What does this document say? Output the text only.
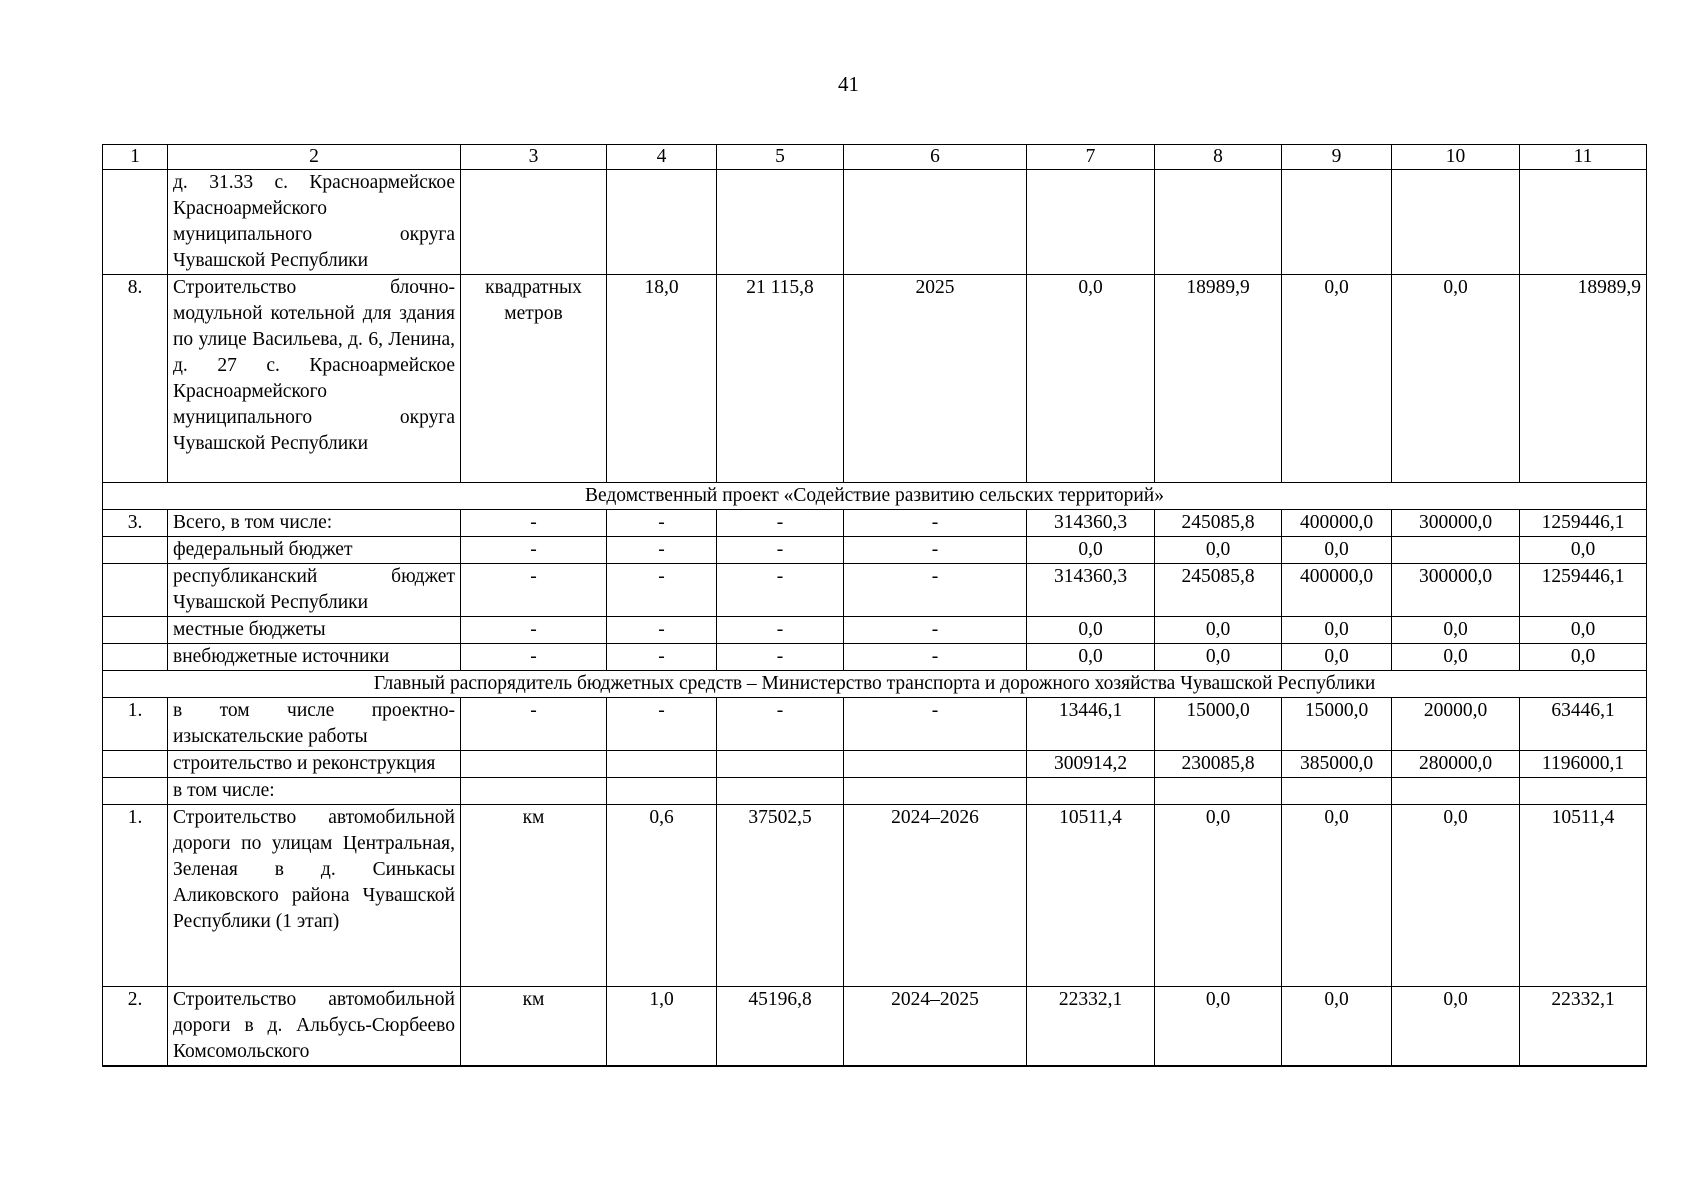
41
1	2	3	4	5	6	7	8	9	10	11
	д. 31.33 с. Красноармейское Красноармейского муниципального округа Чувашской Республики									
8.	Строительство блочно- модульной котельной для здания по улице Васильева, д. 6, Ленина, д. 27 с. Красноармейское Красноармейского муниципального округа Чувашской Республики	квадратных метров	18,0	21 115,8	2025	0,0	18989,9	0,0	0,0	18989,9
Ведомственный проект «Содействие развитию сельских территорий»										
3.	Всего, в том числе:	-	-	-	-	314360,3	245085,8	400000,0	300000,0	1259446,1
	федеральный бюджет	-	-	-	-	0,0	0,0	0,0		0,0
	республиканский бюджет Чувашской Республики	-	-	-	-	314360,3	245085,8	400000,0	300000,0	1259446,1
	местные бюджеты	-	-	-	-	0,0	0,0	0,0	0,0	0,0
	внебюджетные источники	-	-	-	-	0,0	0,0	0,0	0,0	0,0
Главный распорядитель бюджетных средств – Министерство транспорта и дорожного хозяйства Чувашской Республики										
1.	в том числе проектно-изыскательские работы	-	-	-	-	13446,1	15000,0	15000,0	20000,0	63446,1
	строительство и реконструкция					300914,2	230085,8	385000,0	280000,0	1196000,1
	в том числе:									
1.	Строительство автомобильной дороги по улицам Центральная, Зеленая в д. Синькасы Аликовского района Чувашской Республики (1 этап)	км	0,6	37502,5	2024–2026	10511,4	0,0	0,0	0,0	10511,4
2.	Строительство автомобильной дороги в д. Альбусь-Сюрбеево Комсомольского	км	1,0	45196,8	2024–2025	22332,1	0,0	0,0	0,0	22332,1
